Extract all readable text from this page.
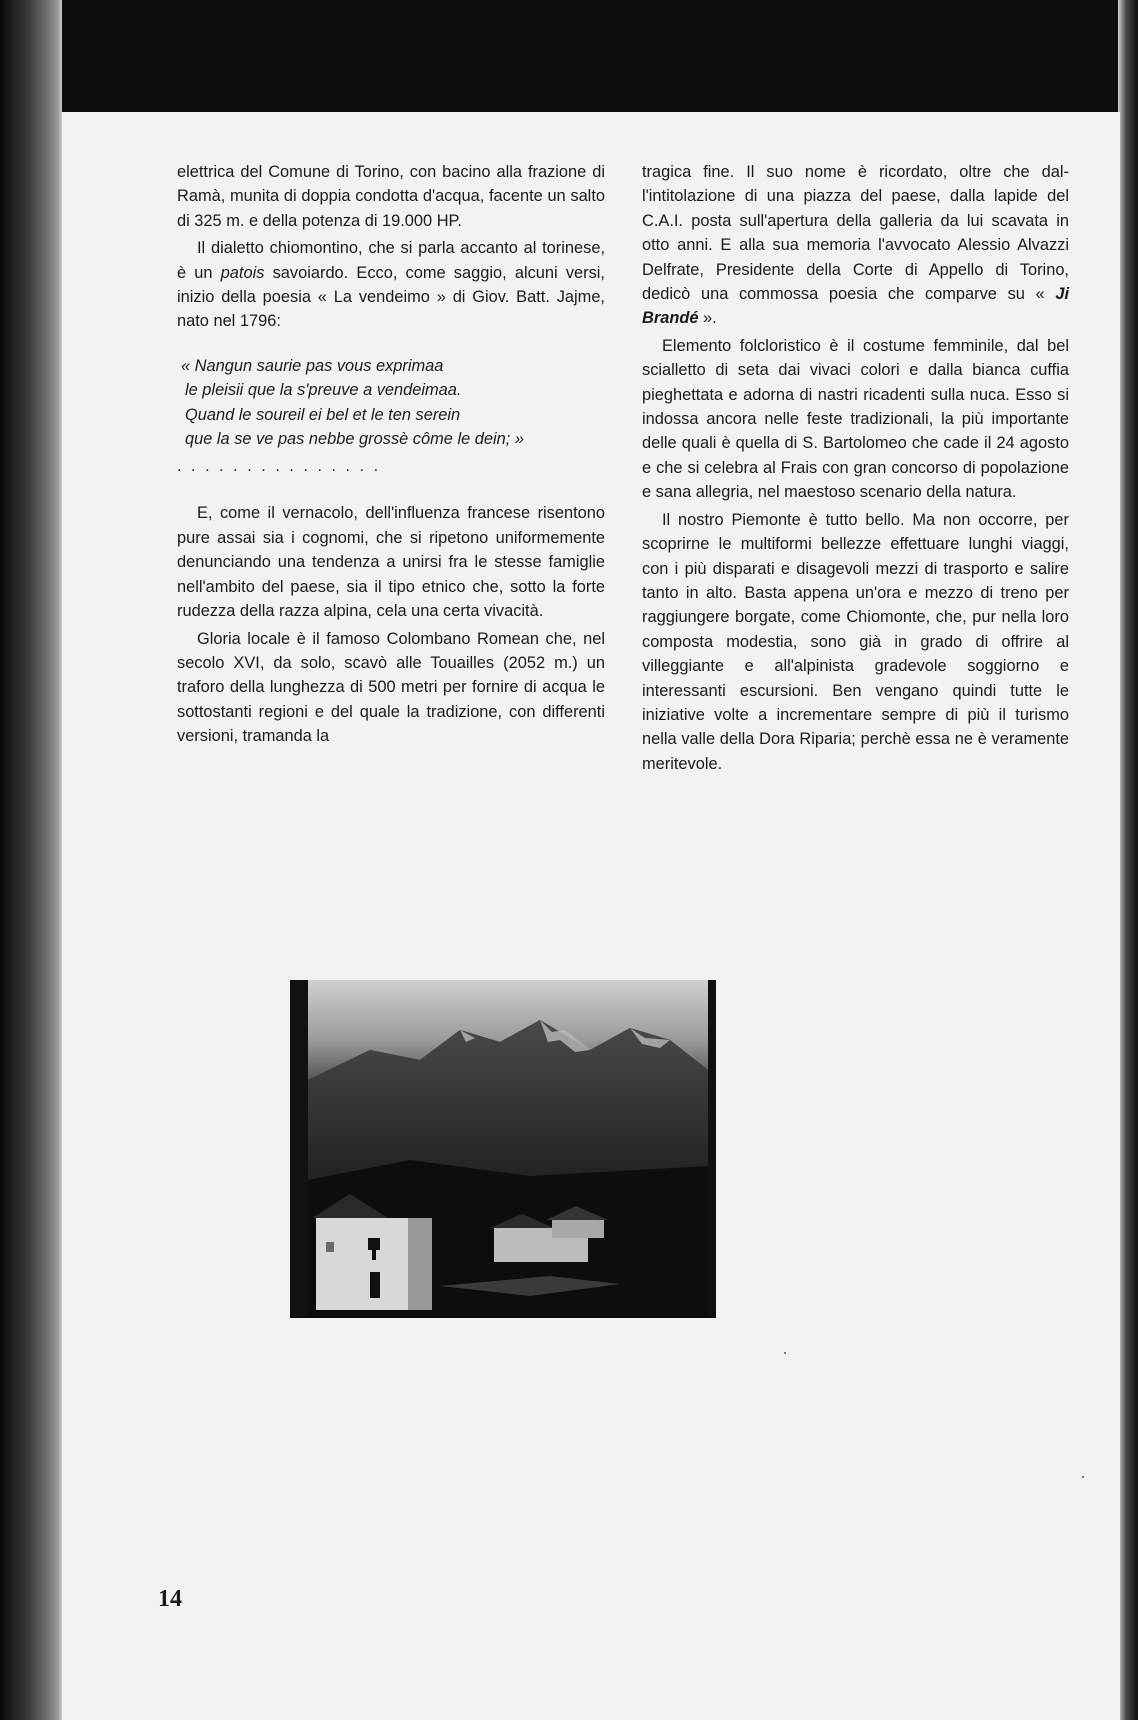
elettrica del Comune di Torino, con bacino alla frazione di Ramà, munita di doppia condotta d'acqua, facente un salto di 325 m. e della potenza di 19.000 HP.

Il dialetto chiomontino, che si parla accanto al torinese, è un patois savoiardo. Ecco, come saggio, alcuni versi, inizio della poesia « La vendeimo » di Giov. Batt. Jajme, nato nel 1796:

« Nangun saurie pas vous exprimaa
le pleisii que la s'preuve a vendeimaa.
Quand le soureil ei bel et le ten serein
que la se ve pas nebbe grossè côme le dein; »
...............

E, come il vernacolo, dell'influenza francese risentono pure assai sia i cognomi, che si ripetono uniformemente denunciando una tendenza a unirsi fra le stesse famiglie nell'ambito del paese, sia il tipo etnico che, sotto la forte rudezza della razza alpina, cela una certa vivacità.

Gloria locale è il famoso Colombano Romean che, nel secolo XVI, da solo, scavò alle Touailles (2052 m.) un traforo della lunghezza di 500 metri per fornire di acqua le sottostanti regioni e del quale la tradizione, con differenti versioni, tramanda la

tragica fine. Il suo nome è ricordato, oltre che dall'intitolazione di una piazza del paese, dalla lapide del C.A.I. posta sull'apertura della galleria da lui scavata in otto anni. E alla sua memoria l'avvocato Alessio Alvazzi Delfrate, Presidente della Corte di Appello di Torino, dedicò una commossa poesia che comparve su « Ji Brandé ».

Elemento folcloristico è il costume femminile, dal bel scialletto di seta dai vivaci colori e dalla bianca cuffia pieghettata e adorna di nastri ricadenti sulla nuca. Esso si indossa ancora nelle feste tradizionali, la più importante delle quali è quella di S. Bartolomeo che cade il 24 agosto e che si celebra al Frais con gran concorso di popolazione e sana allegria, nel maestoso scenario della natura.

Il nostro Piemonte è tutto bello. Ma non occorre, per scoprirne le multiformi bellezze effettuare lunghi viaggi, con i più disparati e disagevoli mezzi di trasporto e salire tanto in alto. Basta appena un'ora e mezzo di treno per raggiungere borgate, come Chiomonte, che, pur nella loro composta modestia, sono già in grado di offrire al villeggiante e all'alpinista gradevole soggiorno e interessanti escursioni. Ben vengano quindi tutte le iniziative volte a incrementare sempre di più il turismo nella valle della Dora Riparia; perchè essa ne è veramente meritevole.

14
